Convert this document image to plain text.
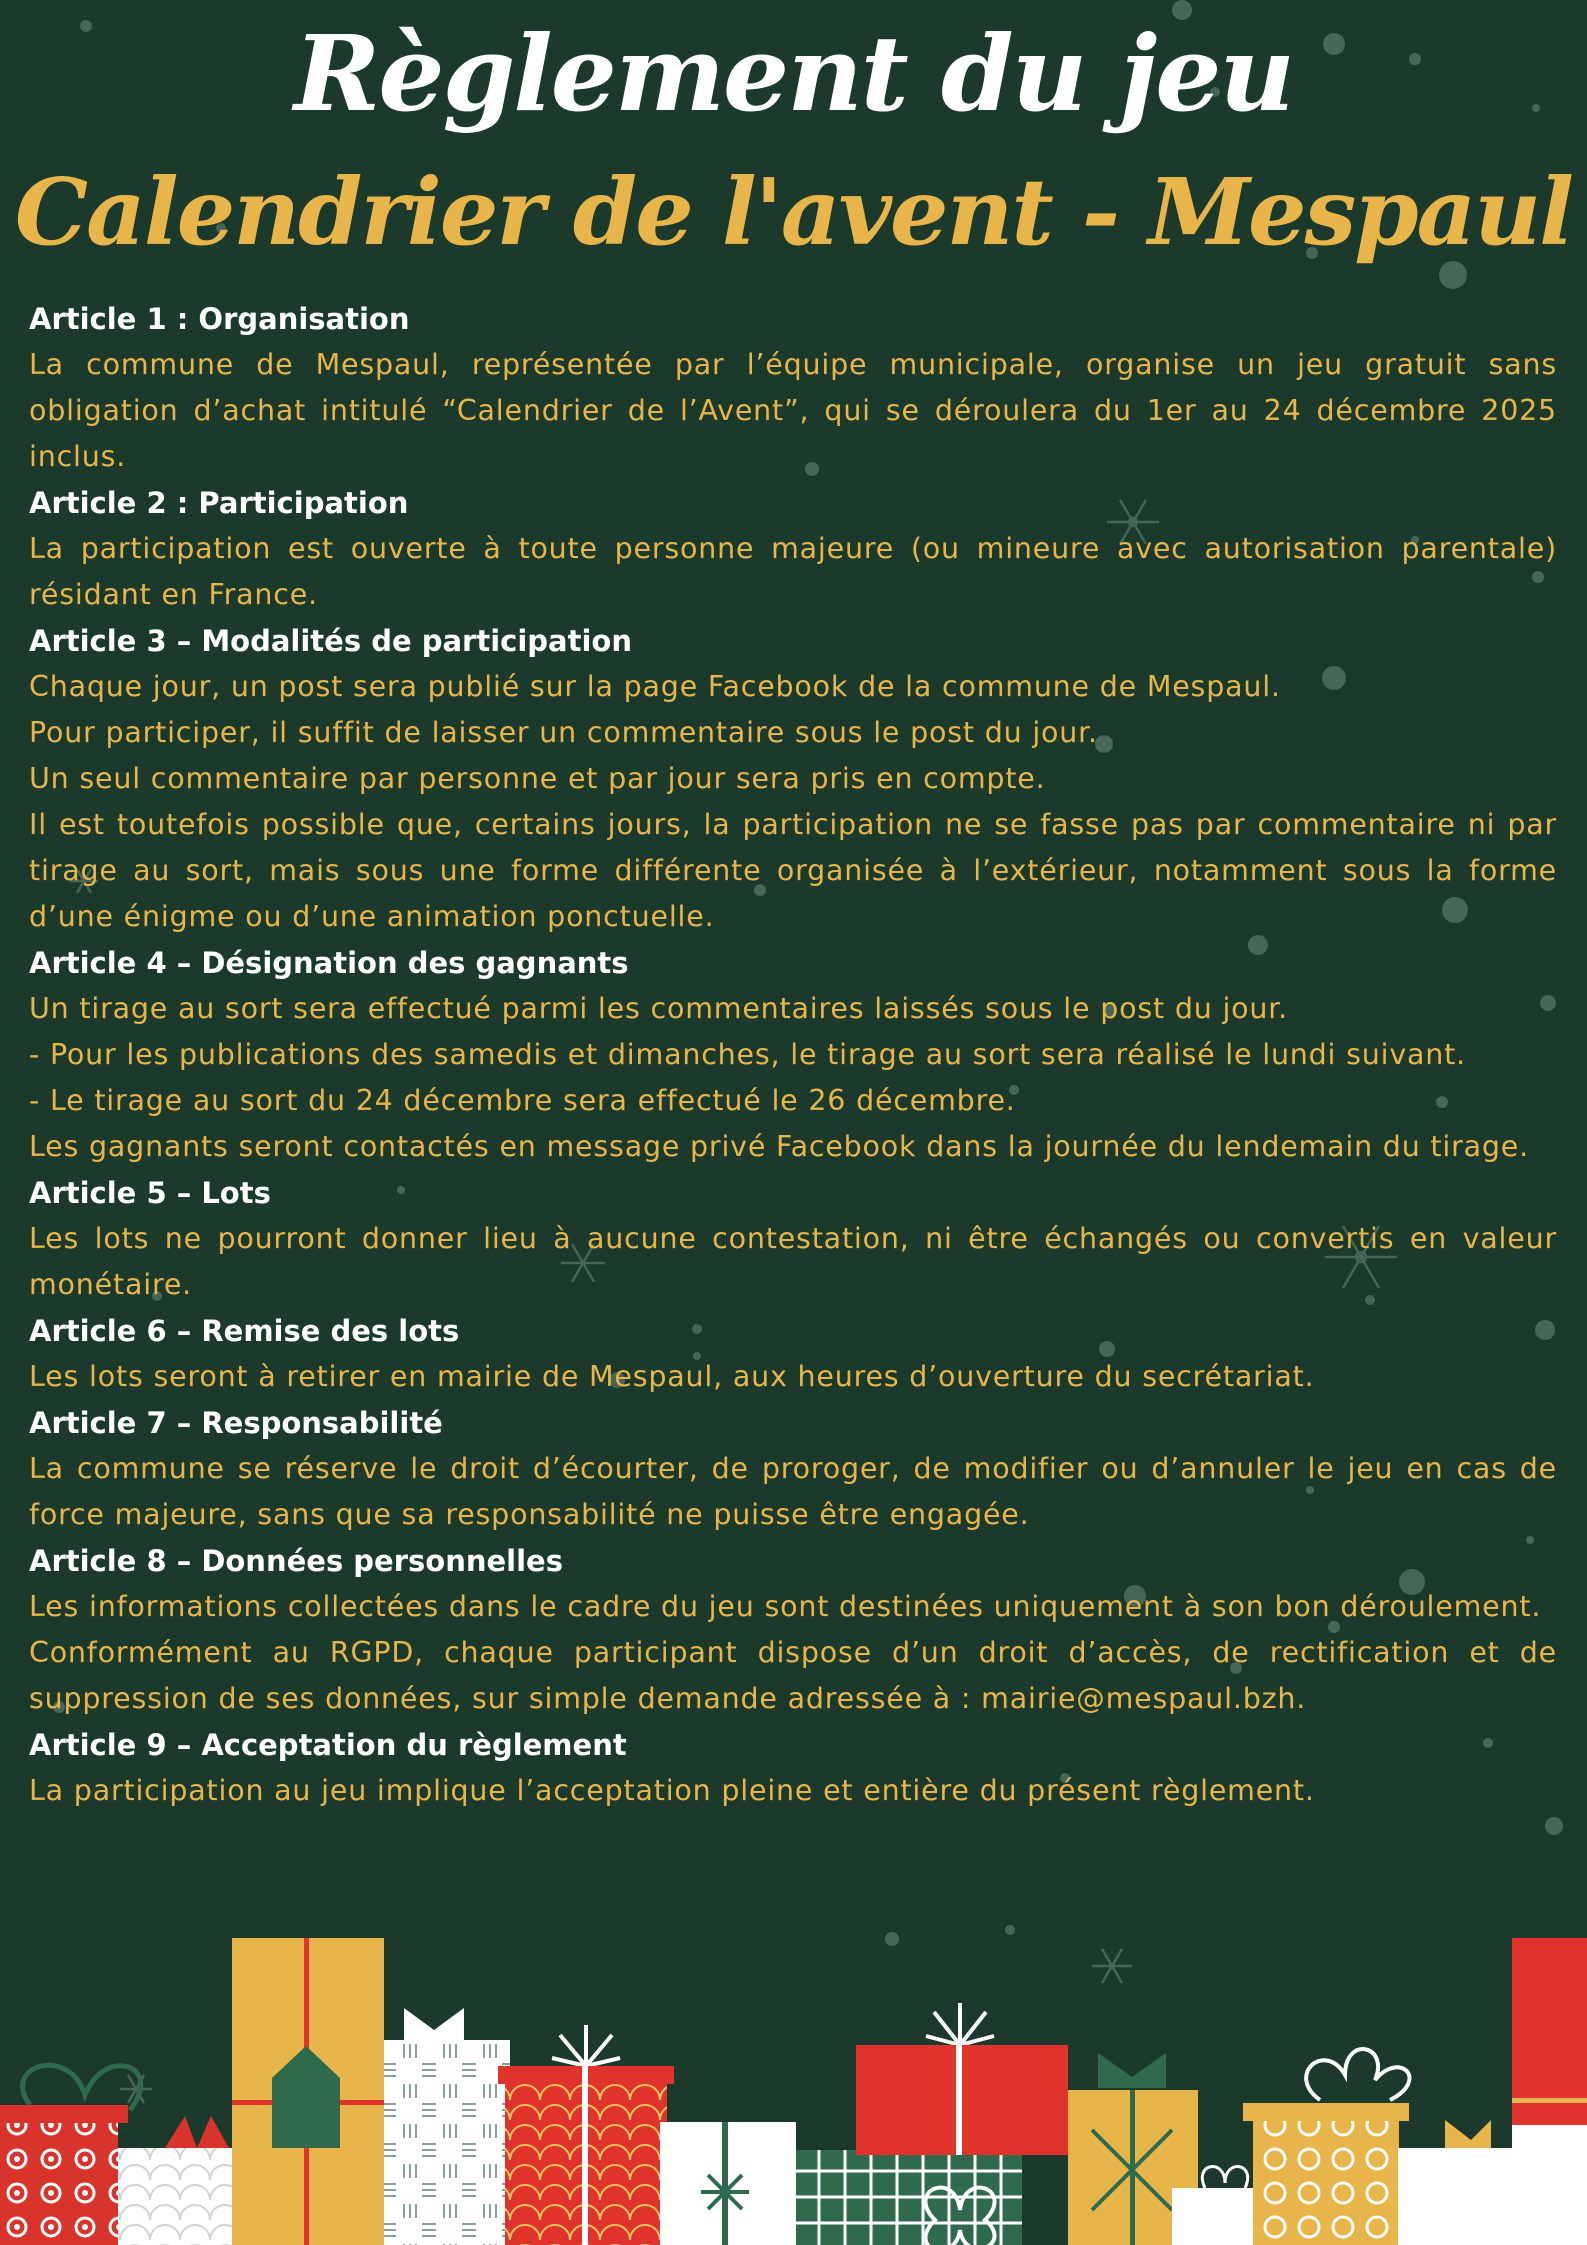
Règlement du jeu
Calendrier de l'avent - Mespaul

Article 1 : Organisation

La commune de Mespaul, représentée par l’équipe municipale, organise un jeu gratuit sans obligation d’achat intitulé “Calendrier de l’Avent”, qui se déroulera du 1er au 24 décembre 2025 inclus.

Article 2 : Participation

La participation est ouverte à toute personne majeure (ou mineure avec autorisation parentale) résidant en France.

Article 3 – Modalités de participation

Chaque jour, un post sera publié sur la page Facebook de la commune de Mespaul.

Pour participer, il suffit de laisser un commentaire sous le post du jour.

Un seul commentaire par personne et par jour sera pris en compte.

Il est toutefois possible que, certains jours, la participation ne se fasse pas par commentaire ni par tirage au sort, mais sous une forme différente organisée à l’extérieur, notamment sous la forme d’une énigme ou d’une animation ponctuelle.

Article 4 – Désignation des gagnants

Un tirage au sort sera effectué parmi les commentaires laissés sous le post du jour.

- Pour les publications des samedis et dimanches, le tirage au sort sera réalisé le lundi suivant.

- Le tirage au sort du 24 décembre sera effectué le 26 décembre.

Les gagnants seront contactés en message privé Facebook dans la journée du lendemain du tirage.

Article 5 – Lots

Les lots ne pourront donner lieu à aucune contestation, ni être échangés ou convertis en valeur monétaire.

Article 6 – Remise des lots

Les lots seront à retirer en mairie de Mespaul, aux heures d’ouverture du secrétariat.

Article 7 – Responsabilité

La commune se réserve le droit d’écourter, de proroger, de modifier ou d’annuler le jeu en cas de force majeure, sans que sa responsabilité ne puisse être engagée.

Article 8 – Données personnelles

Les informations collectées dans le cadre du jeu sont destinées uniquement à son bon déroulement.

Conformément au RGPD, chaque participant dispose d’un droit d’accès, de rectification et de suppression de ses données, sur simple demande adressée à : mairie@mespaul.bzh.

Article 9 – Acceptation du règlement

La participation au jeu implique l’acceptation pleine et entière du présent règlement.
